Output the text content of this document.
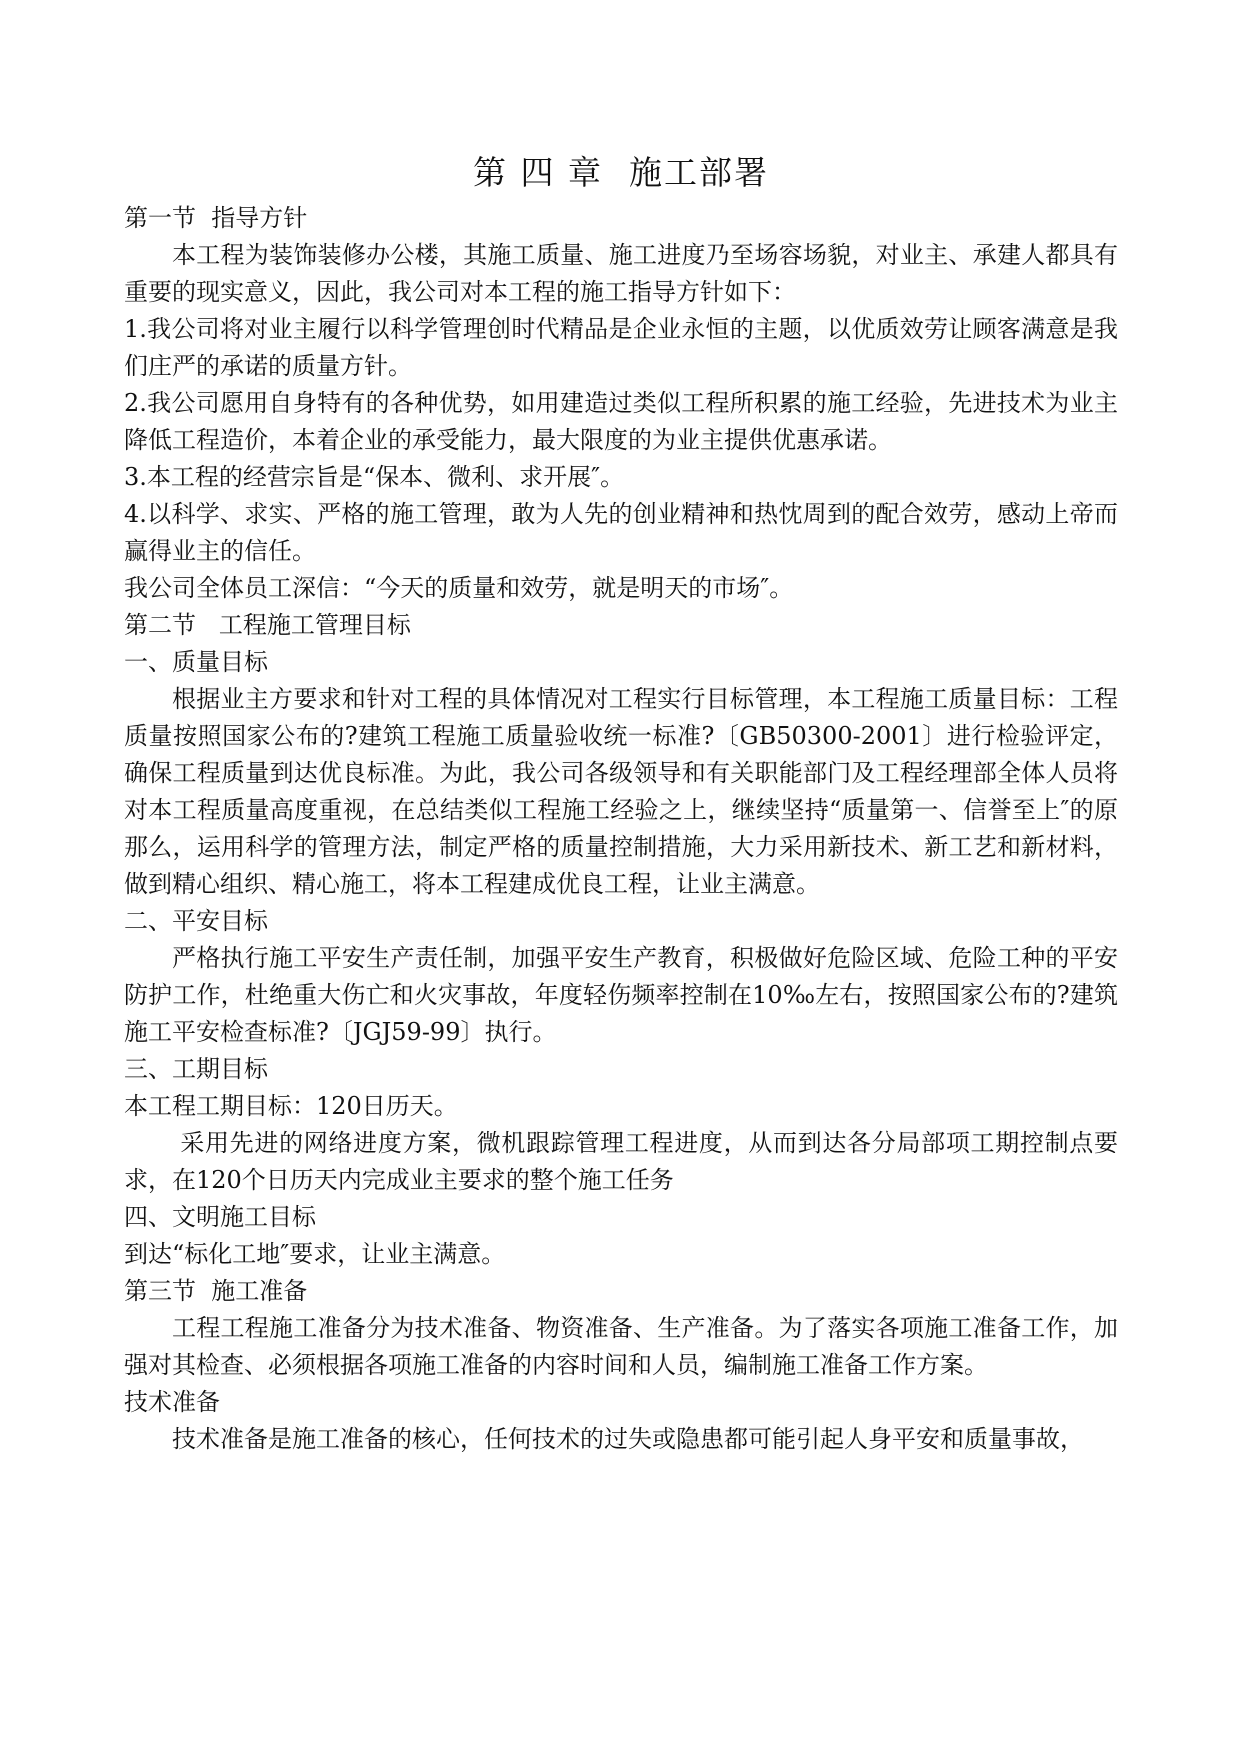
第 四 章 施工部署

第一节  指导方针

本工程为装饰装修办公楼，其施工质量、施工进度乃至场容场貌，对业主、承建人都具有重要的现实意义，因此，我公司对本工程的施工指导方针如下：

1.我公司将对业主履行以科学管理创时代精品是企业永恒的主题，以优质效劳让顾客满意是我们庄严的承诺的质量方针。

2.我公司愿用自身特有的各种优势，如用建造过类似工程所积累的施工经验，先进技术为业主降低工程造价，本着企业的承受能力，最大限度的为业主提供优惠承诺。

3.本工程的经营宗旨是“保本、微利、求开展″。

4.以科学、求实、严格的施工管理，敢为人先的创业精神和热忱周到的配合效劳，感动上帝而赢得业主的信任。

我公司全体员工深信：“今天的质量和效劳，就是明天的市场″。

第二节   工程施工管理目标

一、质量目标

根据业主方要求和针对工程的具体情况对工程实行目标管理，本工程施工质量目标：工程质量按照国家公布的?建筑工程施工质量验收统一标准?〔GB50300-2001〕进行检验评定，确保工程质量到达优良标准。为此，我公司各级领导和有关职能部门及工程经理部全体人员将对本工程质量高度重视，在总结类似工程施工经验之上，继续坚持“质量第一、信誉至上″的原那么，运用科学的管理方法，制定严格的质量控制措施，大力采用新技术、新工艺和新材料，做到精心组织、精心施工，将本工程建成优良工程，让业主满意。

二、平安目标

严格执行施工平安生产责任制，加强平安生产教育，积极做好危险区域、危险工种的平安防护工作，杜绝重大伤亡和火灾事故，年度轻伤频率控制在10‰左右，按照国家公布的?建筑施工平安检查标准?〔JGJ59-99〕执行。

三、工期目标

本工程工期目标：120日历天。

采用先进的网络进度方案，微机跟踪管理工程进度，从而到达各分局部项工期控制点要求，在120个日历天内完成业主要求的整个施工任务

四、文明施工目标

到达“标化工地″要求，让业主满意。

第三节  施工准备

工程工程施工准备分为技术准备、物资准备、生产准备。为了落实各项施工准备工作，加强对其检查、必须根据各项施工准备的内容时间和人员，编制施工准备工作方案。

技术准备

技术准备是施工准备的核心，任何技术的过失或隐患都可能引起人身平安和质量事故，
